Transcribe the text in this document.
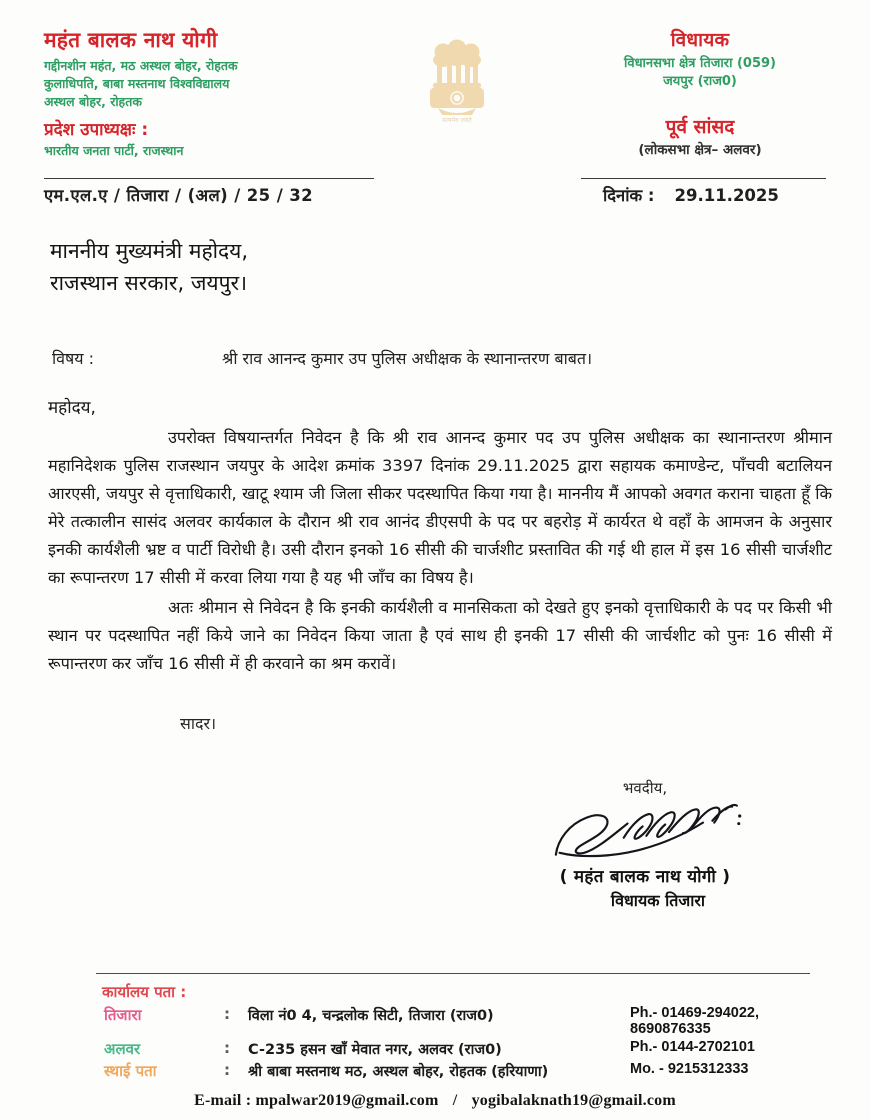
महंत बालक नाथ योगी
गद्दीनशीन महंत, मठ अस्थल बोहर, रोहतक
कुलाधिपति, बाबा मस्तनाथ विश्वविद्यालय
अस्थल बोहर, रोहतक
प्रदेश उपाध्यक्षः :
भारतीय जनता पार्टी, राजस्थान
सत्यमेव जयते
विधायक
विधानसभा क्षेत्र तिजारा (059)
जयपुर (राज0)
पूर्व सांसद
(लोकसभा क्षेत्र– अलवर)
एम.एल.ए / तिजारा / (अल) / 25 / 32	दिनांक : 29.11.2025
माननीय मुख्यमंत्री महोदय,
राजस्थान सरकार, जयपुर।
विषय :	श्री राव आनन्द कुमार उप पुलिस अधीक्षक के स्थानान्तरण बाबत।
महोदय,
उपरोक्त विषयान्तर्गत निवेदन है कि श्री राव आनन्द कुमार पद उप पुलिस अधीक्षक का स्थानान्तरण श्रीमान महानिदेशक पुलिस राजस्थान जयपुर के आदेश क्रमांक 3397 दिनांक 29.11.2025 द्वारा सहायक कमाण्डेन्ट, पाँचवी बटालियन आरएसी, जयपुर से वृत्ताधिकारी, खाटू श्याम जी जिला सीकर पदस्थापित किया गया है। माननीय मैं आपको अवगत कराना चाहता हूँ कि मेरे तत्कालीन सासंद अलवर कार्यकाल के दौरान श्री राव आनंद डीएसपी के पद पर बहरोड़ में कार्यरत थे वहाँ के आमजन के अनुसार इनकी कार्यशैली भ्रष्ट व पार्टी विरोधी है। उसी दौरान इनको 16 सीसी की चार्जशीट प्रस्तावित की गई थी हाल में इस 16 सीसी चार्जशीट का रूपान्तरण 17 सीसी में करवा लिया गया है यह भी जाँच का विषय है।
अतः श्रीमान से निवेदन है कि इनकी कार्यशैली व मानसिकता को देखते हुए इनको वृत्ताधिकारी के पद पर किसी भी स्थान पर पदस्थापित नहीं किये जाने का निवेदन किया जाता है एवं साथ ही इनकी 17 सीसी की जार्चशीट को पुनः 16 सीसी में रूपान्तरण कर जाँच 16 सीसी में ही करवाने का श्रम करावें।
सादर।
भवदीय,
( महंत बालक नाथ योगी )
विधायक तिजारा
कार्यालय पता :
तिजारा	:	विला नं0 4, चन्द्रलोक सिटी, तिजारा (राज0)	Ph.- 01469-294022, 8690876335
अलवर	:	C-235 हसन खाँ मेवात नगर, अलवर (राज0)	Ph.- 0144-2702101
स्थाई पता	:	श्री बाबा मस्तनाथ मठ, अस्थल बोहर, रोहतक (हरियाणा)	Mo. - 9215312333
E-mail : mpalwar2019@gmail.com / yogibalaknath19@gmail.com
